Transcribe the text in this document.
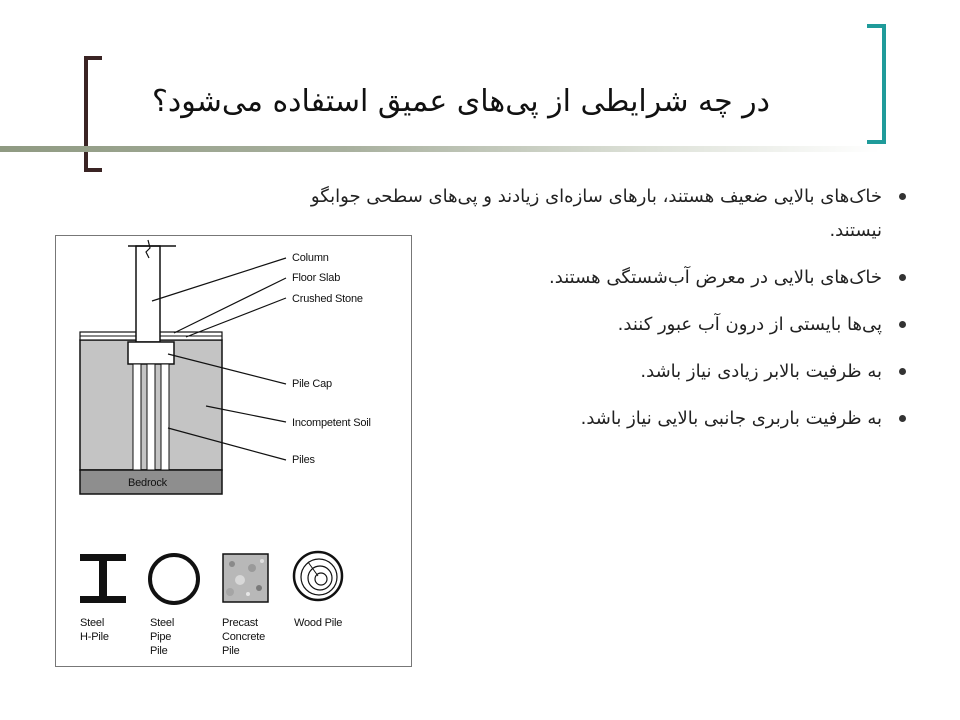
در چه شرایطی از پی‌های عمیق استفاده می‌شود؟
خاک‌های بالایی ضعیف هستند، بارهای سازه‌ای زیادند و پی‌های سطحی جوابگو نیستند.
خاک‌های بالایی در معرض آب‌شستگی هستند.
پی‌ها بایستی از درون آب عبور کنند.
به ظرفیت بالابر زیادی نیاز باشد.
به ظرفیت باربری جانبی بالایی نیاز باشد.
Column
Floor Slab
Crushed Stone
Pile Cap
Incompetent Soil
Piles
Bedrock
Steel
H-Pile
Steel
Pipe
Pile
Precast
Concrete
Pile
Wood Pile
